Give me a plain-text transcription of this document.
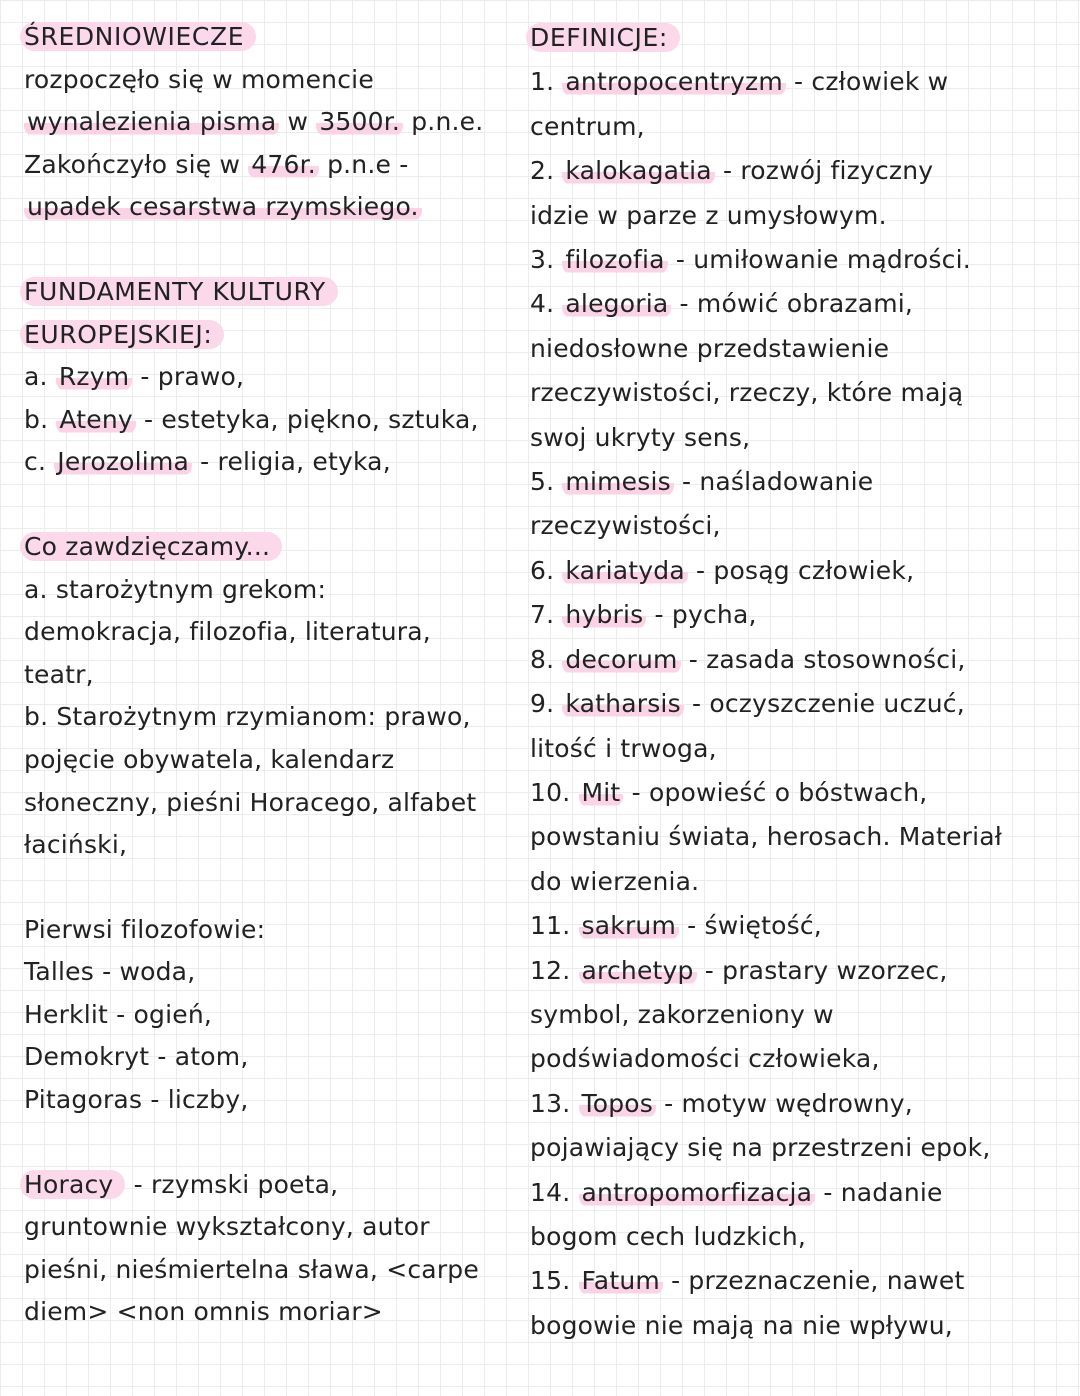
ŚREDNIOWIECZE
rozpoczęło się w momencie
wynalezienia pisma w 3500r. p.n.e.
Zakończyło się w 476r. p.n.e -
upadek cesarstwa rzymskiego.
FUNDAMENTY KULTURY
EUROPEJSKIEJ:
a. Rzym - prawo,
b. Ateny - estetyka, piękno, sztuka,
c. Jerozolima - religia, etyka,
Co zawdzięczamy...
a. starożytnym grekom:
demokracja, filozofia, literatura,
teatr,
b. Starożytnym rzymianom: prawo,
pojęcie obywatela, kalendarz
słoneczny, pieśni Horacego, alfabet
łaciński,
Pierwsi filozofowie:
Talles - woda,
Herklit - ogień,
Demokryt - atom,
Pitagoras - liczby,
Horacy - rzymski poeta,
gruntownie wykształcony, autor
pieśni, nieśmiertelna sława, <carpe
diem> <non omnis moriar>
DEFINICJE:
1. antropocentryzm - człowiek w
centrum,
2. kalokagatia - rozwój fizyczny
idzie w parze z umysłowym.
3. filozofia - umiłowanie mądrości.
4. alegoria - mówić obrazami,
niedosłowne przedstawienie
rzeczywistości, rzeczy, które mają
swoj ukryty sens,
5. mimesis - naśladowanie
rzeczywistości,
6. kariatyda - posąg człowiek,
7. hybris - pycha,
8. decorum - zasada stosowności,
9. katharsis - oczyszczenie uczuć,
litość i trwoga,
10. Mit - opowieść o bóstwach,
powstaniu świata, herosach. Materiał
do wierzenia.
11. sakrum - świętość,
12. archetyp - prastary wzorzec,
symbol, zakorzeniony w
podświadomości człowieka,
13. Topos - motyw wędrowny,
pojawiający się na przestrzeni epok,
14. antropomorfizacja - nadanie
bogom cech ludzkich,
15. Fatum - przeznaczenie, nawet
bogowie nie mają na nie wpływu,
